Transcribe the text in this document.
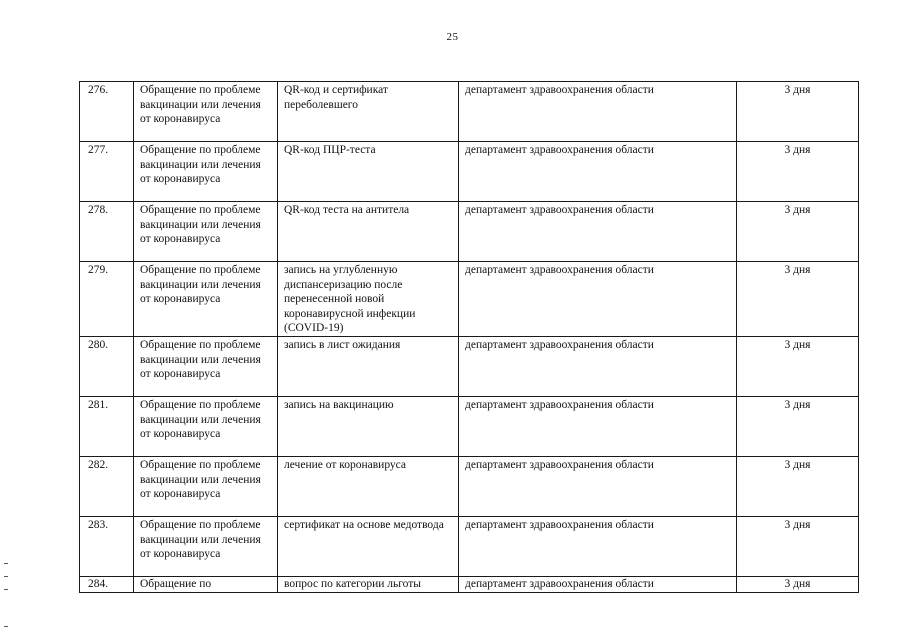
25
276.	Обращение по проблеме вакцинации или лечения от коронавируса	QR-код и сертификат переболевшего	департамент здравоохранения области	3 дня
277.	Обращение по проблеме вакцинации или лечения от коронавируса	QR-код ПЦР-теста	департамент здравоохранения области	3 дня
278.	Обращение по проблеме вакцинации или лечения от коронавируса	QR-код теста на антитела	департамент здравоохранения области	3 дня
279.	Обращение по проблеме вакцинации или лечения от коронавируса	запись на углубленную диспансеризацию после перенесенной новой коронавирусной инфекции (COVID-19)	департамент здравоохранения области	3 дня
280.	Обращение по проблеме вакцинации или лечения от коронавируса	запись в лист ожидания	департамент здравоохранения области	3 дня
281.	Обращение по проблеме вакцинации или лечения от коронавируса	запись на вакцинацию	департамент здравоохранения области	3 дня
282.	Обращение по проблеме вакцинации или лечения от коронавируса	лечение от коронавируса	департамент здравоохранения области	3 дня
283.	Обращение по проблеме вакцинации или лечения от коронавируса	сертификат на основе медотвода	департамент здравоохранения области	3 дня
284.	Обращение по	вопрос по категории льготы	департамент здравоохранения области	3 дня
